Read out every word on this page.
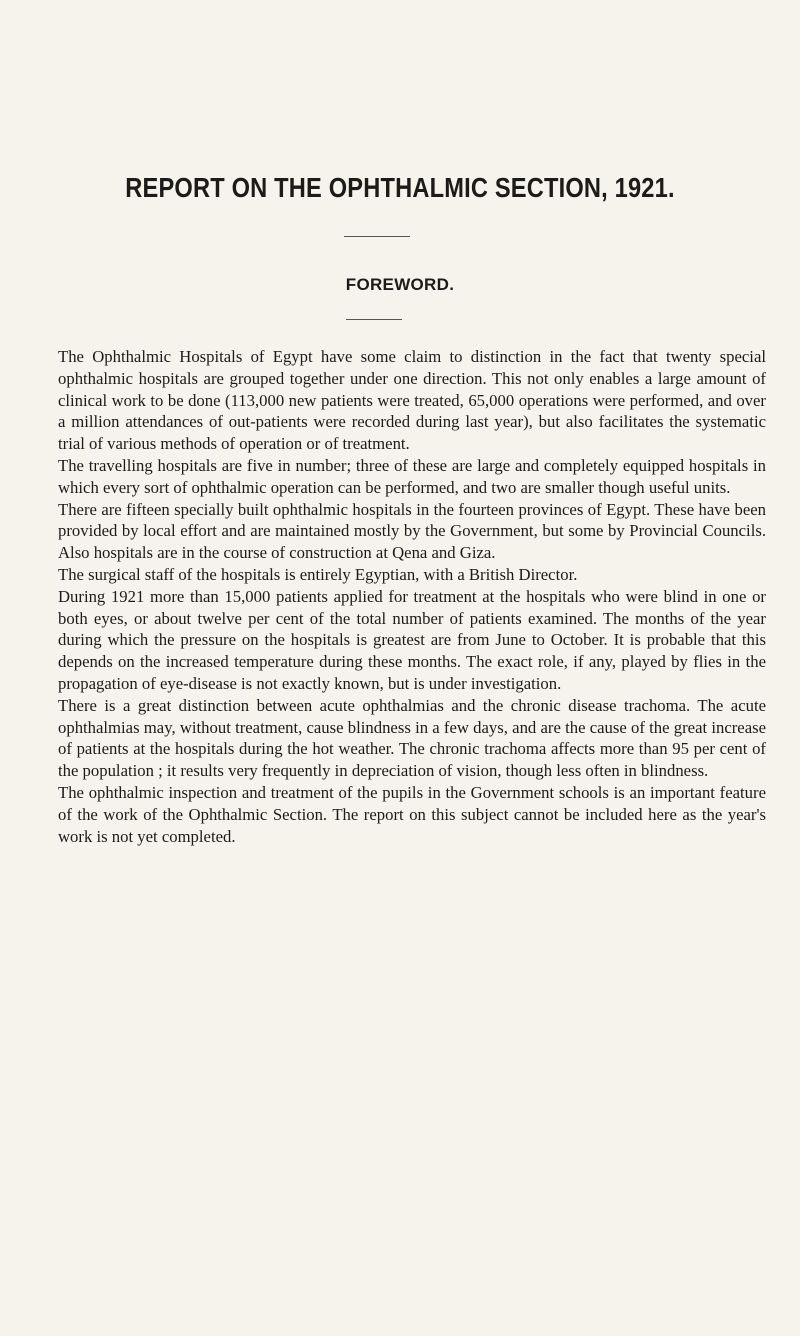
REPORT ON THE OPHTHALMIC SECTION, 1921.
FOREWORD.

The Ophthalmic Hospitals of Egypt have some claim to distinction in the fact that twenty special ophthalmic hospitals are grouped together under one direction. This not only enables a large amount of clinical work to be done (113,000 new patients were treated, 65,000 operations were performed, and over a million attendances of out-patients were recorded during last year), but also facilitates the systematic trial of various methods of operation or of treatment.

The travelling hospitals are five in number; three of these are large and completely equipped hospitals in which every sort of ophthalmic operation can be performed, and two are smaller though useful units.

There are fifteen specially built ophthalmic hospitals in the fourteen provinces of Egypt. These have been provided by local effort and are maintained mostly by the Government, but some by Provincial Councils. Also hospitals are in the course of construction at Qena and Giza.

The surgical staff of the hospitals is entirely Egyptian, with a British Director.

During 1921 more than 15,000 patients applied for treatment at the hospitals who were blind in one or both eyes, or about twelve per cent of the total number of patients examined. The months of the year during which the pressure on the hospitals is greatest are from June to October. It is probable that this depends on the increased temperature during these months. The exact role, if any, played by flies in the propagation of eye-disease is not exactly known, but is under investigation.

There is a great distinction between acute ophthalmias and the chronic disease trachoma. The acute ophthalmias may, without treatment, cause blindness in a few days, and are the cause of the great increase of patients at the hospitals during the hot weather. The chronic trachoma affects more than 95 per cent of the population ; it results very frequently in depreciation of vision, though less often in blindness.

The ophthalmic inspection and treatment of the pupils in the Government schools is an important feature of the work of the Ophthalmic Section. The report on this subject cannot be included here as the year's work is not yet completed.
